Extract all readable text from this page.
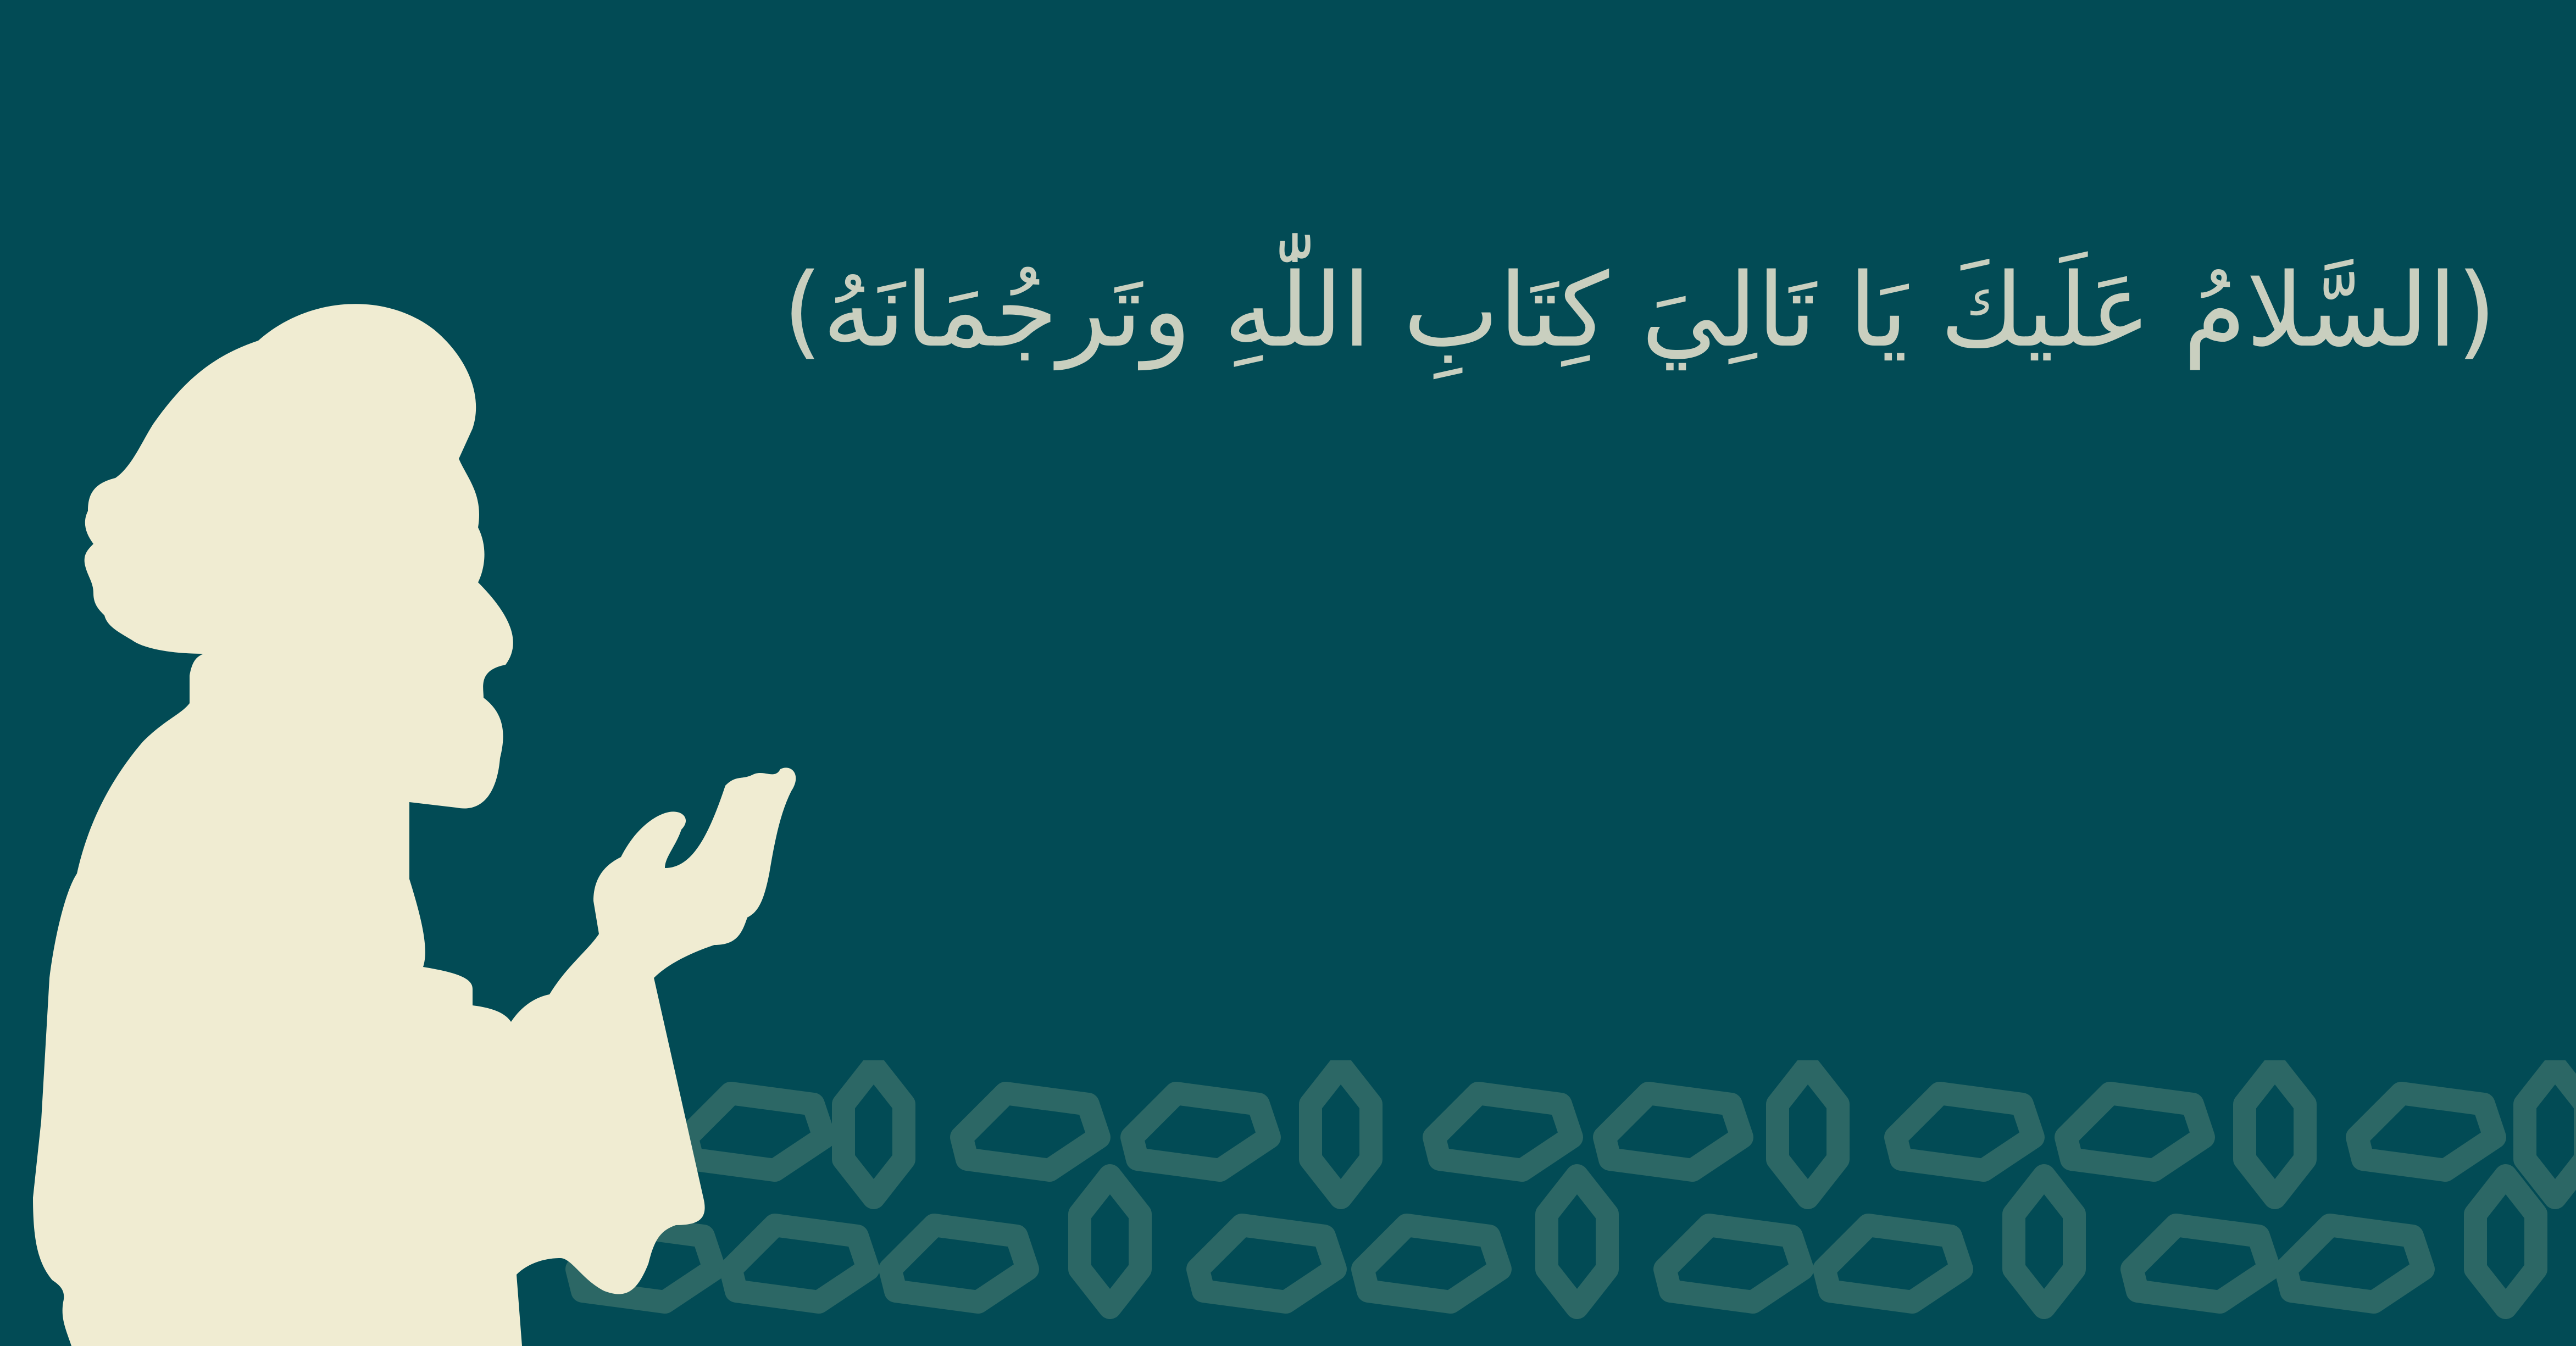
(السَّلامُ عَلَيكَ يَا تَالِيَ كِتَابِ اللّٰهِ وتَرجُمَانَهُ)
